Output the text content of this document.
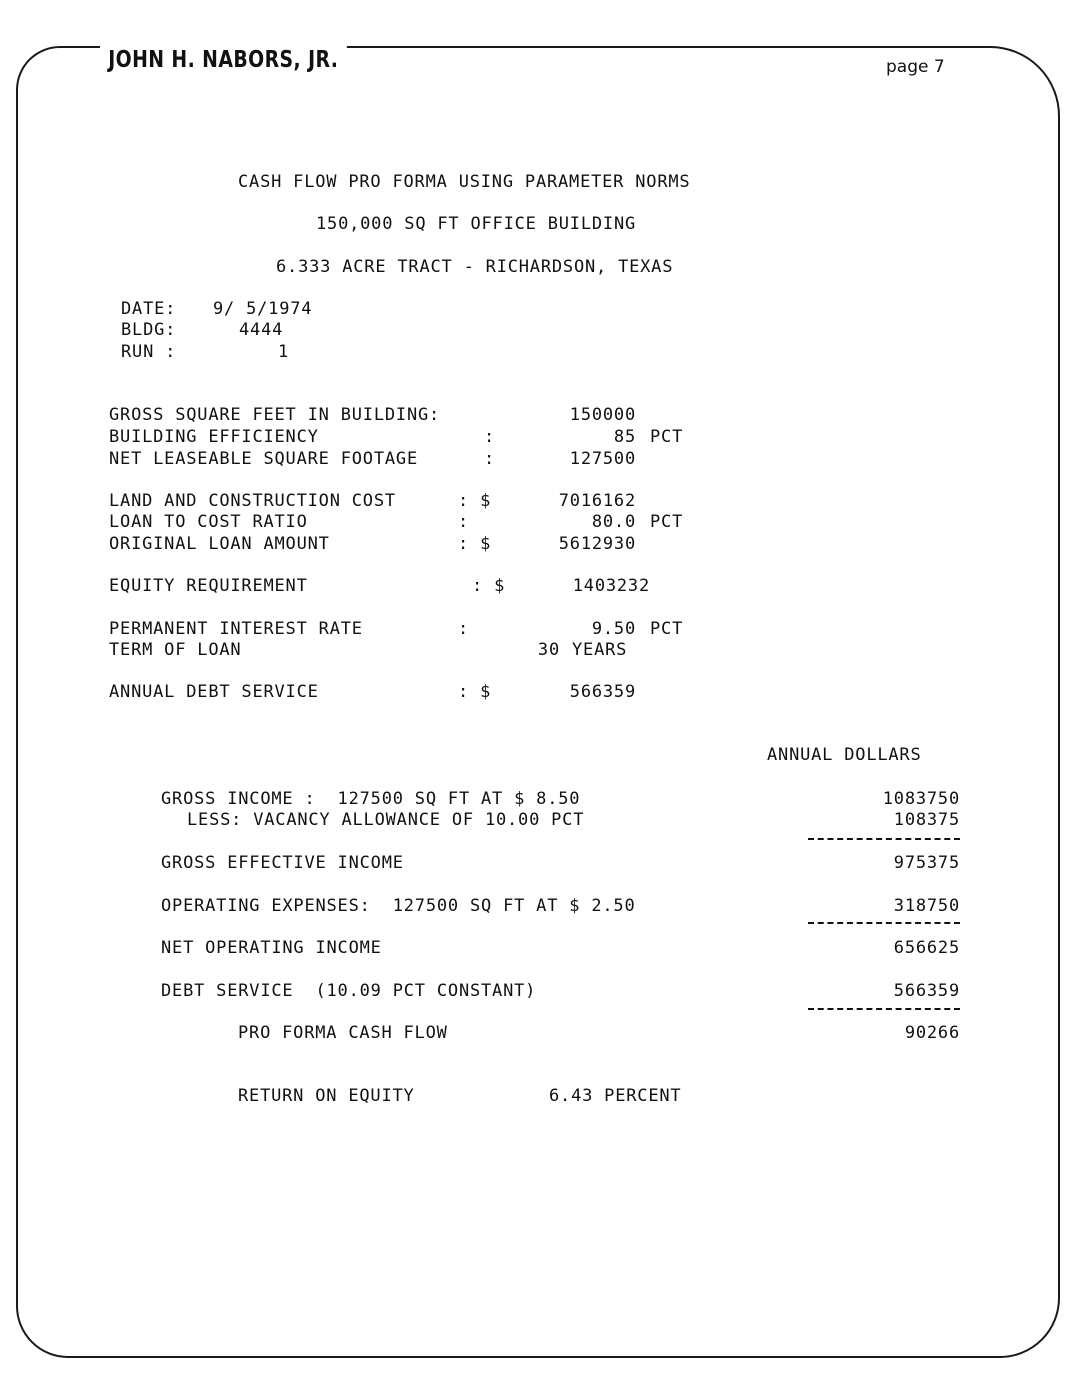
JOHN H. NABORS, JR.	page 7
CASH FLOW PRO FORMA USING PARAMETER NORMS
150,000 SQ FT OFFICE BUILDING
6.333 ACRE TRACT - RICHARDSON, TEXAS
DATE: 9/ 5/1974
BLDG:	4444
RUN :	1
GROSS SQUARE FEET IN BUILDING:	150000
BUILDING EFFICIENCY	:	85 PCT
NET LEASEABLE SQUARE FOOTAGE	:	127500
LAND AND CONSTRUCTION COST	: $	7016162
LOAN TO COST RATIO	:	80.0 PCT
ORIGINAL LOAN AMOUNT	: $	5612930
EQUITY REQUIREMENT	: $	1403232
PERMANENT INTEREST RATE	:	9.50 PCT
TERM OF LOAN	30 YEARS
ANNUAL DEBT SERVICE	: $	566359
ANNUAL DOLLARS
GROSS INCOME :  127500 SQ FT AT $ 8.50	1083750
LESS: VACANCY ALLOWANCE OF 10.00 PCT	108375
GROSS EFFECTIVE INCOME	975375
OPERATING EXPENSES:  127500 SQ FT AT $ 2.50	318750
NET OPERATING INCOME	656625
DEBT SERVICE  (10.09 PCT CONSTANT)	566359
PRO FORMA CASH FLOW	90266
RETURN ON EQUITY	6.43 PERCENT
